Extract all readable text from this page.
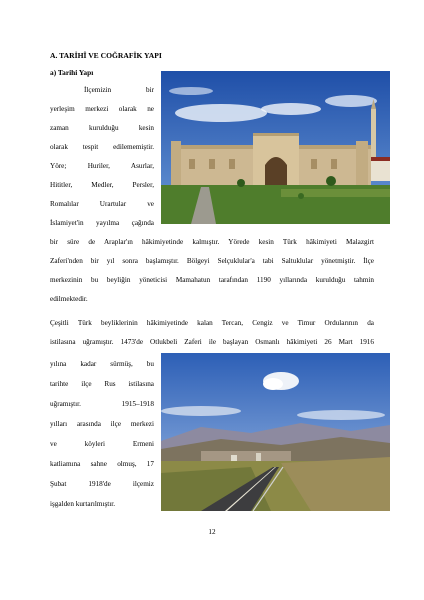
A. TARİHÎ VE COĞRAFİK YAPI
a) Tarihi Yapı
İlçemizin bir
yerleşim merkezi olarak ne
zaman kurulduğu kesin
olarak tespit edilememiştir.
Yöre; Huriler, Asurlar,
Hititler, Medler, Persler,
Romalılar Urartular ve
İslamiyet'in yayılma çağında
bir süre de Araplar'ın hâkimiyetinde kalmıştır. Yörede kesin Türk hâkimiyeti Malazgirt
Zaferi'nden bir yıl sonra başlamıştır. Bölgeyi Selçuklular'a tabi Saltuklular yönetmiştir. İlçe
merkezinin bu beyliğin yöneticisi Mamahatun tarafından 1190 yıllarında kurulduğu tahmin
edilmektedir.
Çeşitli Türk beyliklerinin hâkimiyetinde kalan Tercan, Cengiz ve Timur Ordularının da
istilasına uğramıştır. 1473'de Otlukbeli Zaferi ile başlayan Osmanlı hâkimiyeti 26 Mart 1916
yılına kadar sürmüş, bu
tarihte ilçe Rus istilasına
uğramıştır. 1915–1918
yılları arasında ilçe merkezi
ve köyleri Ermeni
katliamına sahne olmuş, 17
Şubat 1918'de ilçemiz
işgalden kurtarılmıştır.
12
